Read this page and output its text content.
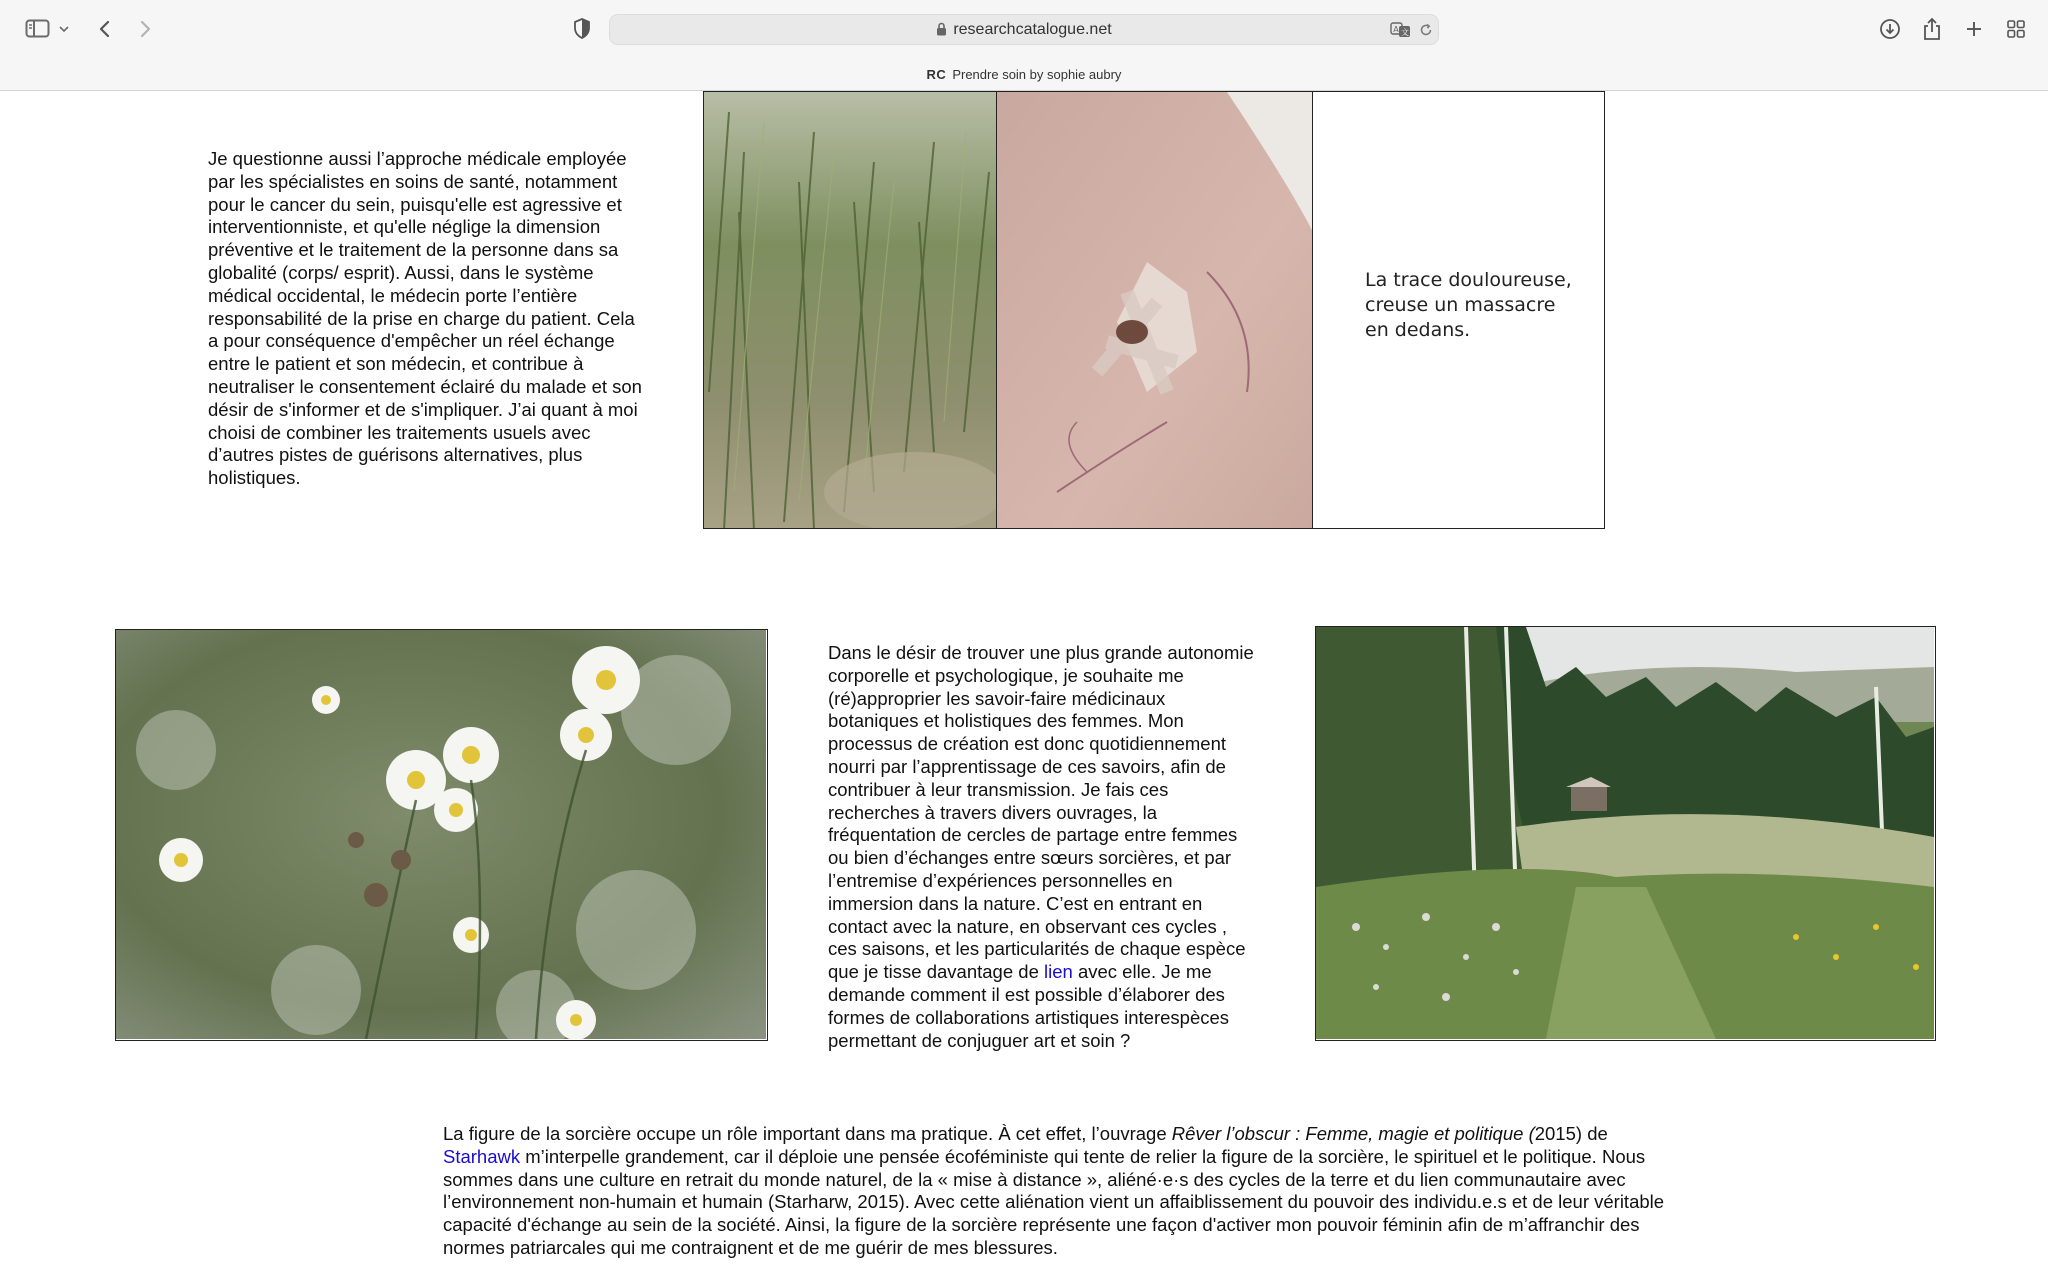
researchcatalogue.net	A 文
RC Prendre soin by sophie aubry

Je questionne aussi l’approche médicale employée par les spécialistes en soins de santé, notamment pour le cancer du sein, puisqu'elle est agressive et interventionniste, et qu'elle néglige la dimension préventive et le traitement de la personne dans sa globalité (corps/ esprit). Aussi, dans le système médical occidental, le médecin porte l’entière responsabilité de la prise en charge du patient. Cela a pour conséquence d'empêcher un réel échange entre le patient et son médecin, et contribue à neutraliser le consentement éclairé du malade et son désir de s'informer et de s'impliquer. J’ai quant à moi choisi de combiner les traitements usuels avec d’autres pistes de guérisons alternatives, plus holistiques.

La trace douloureuse, creuse un massacre en dedans.

Dans le désir de trouver une plus grande autonomie corporelle et psychologique, je souhaite me (ré)approprier les savoir-faire médicinaux botaniques et holistiques des femmes. Mon processus de création est donc quotidiennement nourri par l’apprentissage de ces savoirs, afin de contribuer à leur transmission. Je fais ces recherches à travers divers ouvrages, la fréquentation de cercles de partage entre femmes ou bien d’échanges entre sœurs sorcières, et par l’entremise d’expériences personnelles en immersion dans la nature. C’est en entrant en contact avec la nature, en observant ces cycles , ces saisons, et les particularités de chaque espèce que je tisse davantage de lien avec elle. Je me demande comment il est possible d’élaborer des formes de collaborations artistiques interespèces permettant de conjuguer art et soin ?

La figure de la sorcière occupe un rôle important dans ma pratique. À cet effet, l’ouvrage Rêver l’obscur : Femme, magie et politique (2015) de Starhawk m’interpelle grandement, car il déploie une pensée écoféministe qui tente de relier la figure de la sorcière, le spirituel et le politique. Nous sommes dans une culture en retrait du monde naturel, de la « mise à distance », aliéné·e·s des cycles de la terre et du lien communautaire avec l’environnement non-humain et humain (Starharw, 2015). Avec cette aliénation vient un affaiblissement du pouvoir des individu.e.s et de leur véritable capacité d'échange au sein de la société. Ainsi, la figure de la sorcière représente une façon d'activer mon pouvoir féminin afin de m’affranchir des normes patriarcales qui me contraignent et de me guérir de mes blessures.
